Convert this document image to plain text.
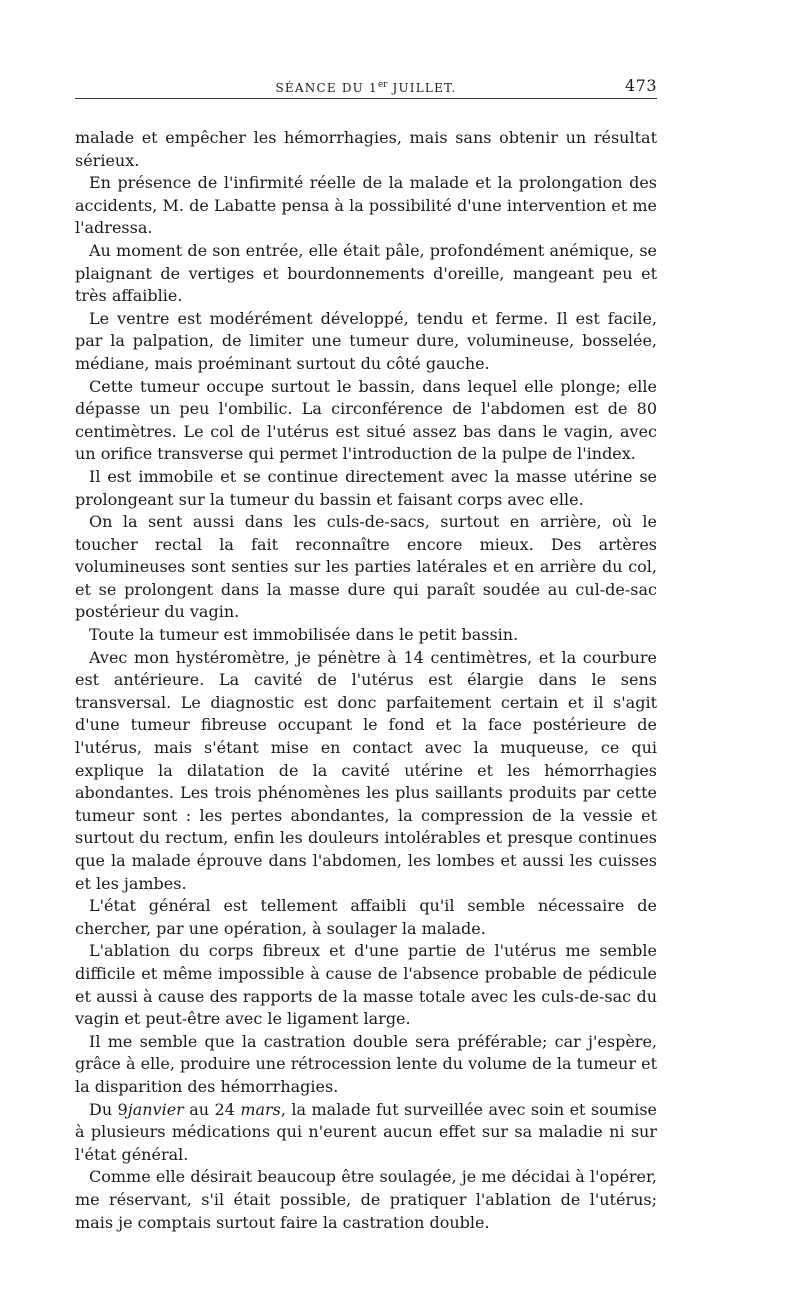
SÉANCE DU 1er JUILLET.	473

malade et empêcher les hémorrhagies, mais sans obtenir un résultat sérieux.

En présence de l'infirmité réelle de la malade et la prolongation des accidents, M. de Labatte pensa à la possibilité d'une intervention et me l'adressa.

Au moment de son entrée, elle était pâle, profondément anémique, se plaignant de vertiges et bourdonnements d'oreille, mangeant peu et très affaiblie.

Le ventre est modérément développé, tendu et ferme. Il est facile, par la palpation, de limiter une tumeur dure, volumineuse, bosselée, médiane, mais proéminant surtout du côté gauche.

Cette tumeur occupe surtout le bassin, dans lequel elle plonge; elle dépasse un peu l'ombilic. La circonférence de l'abdomen est de 80 centimètres. Le col de l'utérus est situé assez bas dans le vagin, avec un orifice transverse qui permet l'introduction de la pulpe de l'index.

Il est immobile et se continue directement avec la masse utérine se prolongeant sur la tumeur du bassin et faisant corps avec elle.

On la sent aussi dans les culs-de-sacs, surtout en arrière, où le toucher rectal la fait reconnaître encore mieux. Des artères volumineuses sont senties sur les parties latérales et en arrière du col, et se prolongent dans la masse dure qui paraît soudée au cul-de-sac postérieur du vagin.

Toute la tumeur est immobilisée dans le petit bassin.

Avec mon hystéromètre, je pénètre à 14 centimètres, et la courbure est antérieure. La cavité de l'utérus est élargie dans le sens transversal. Le diagnostic est donc parfaitement certain et il s'agit d'une tumeur fibreuse occupant le fond et la face postérieure de l'utérus, mais s'étant mise en contact avec la muqueuse, ce qui explique la dilatation de la cavité utérine et les hémorrhagies abondantes. Les trois phénomènes les plus saillants produits par cette tumeur sont : les pertes abondantes, la compression de la vessie et surtout du rectum, enfin les douleurs intolérables et presque continues que la malade éprouve dans l'abdomen, les lombes et aussi les cuisses et les jambes.

L'état général est tellement affaibli qu'il semble nécessaire de chercher, par une opération, à soulager la malade.

L'ablation du corps fibreux et d'une partie de l'utérus me semble difficile et même impossible à cause de l'absence probable de pédicule et aussi à cause des rapports de la masse totale avec les culs-de-sac du vagin et peut-être avec le ligament large.

Il me semble que la castration double sera préférable; car j'espère, grâce à elle, produire une rétrocession lente du volume de la tumeur et la disparition des hémorrhagies.

Du 9janvier au 24 mars, la malade fut surveillée avec soin et soumise à plusieurs médications qui n'eurent aucun effet sur sa maladie ni sur l'état général.

Comme elle désirait beaucoup être soulagée, je me décidai à l'opérer, me réservant, s'il était possible, de pratiquer l'ablation de l'utérus; mais je comptais surtout faire la castration double.
